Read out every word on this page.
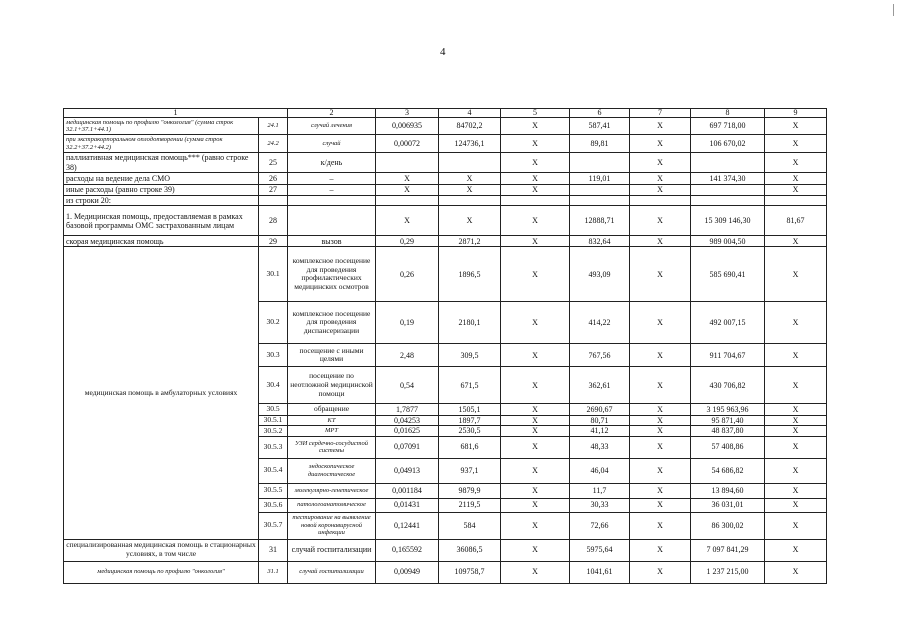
4
1		2	3	4	5	6	7	8	9
медицинская помощь по профилю "онкология" (сумма строк 32.1+37.1+44.1)	24.1	случай лечения	0,006935	84702,2	X	587,41	X	697 718,00	X
при экстракорпоральном оплодотворении (сумма строк 32.2+37.2+44.2)	24.2	случай	0,00072	124736,1	X	89,81	X	106 670,02	X
паллиативная медицинская помощь*** (равно строке 38)	25	к/день			X		X		X
расходы на ведение дела СМО	26	–	X	X	X	119,01	X	141 374,30	X
иные расходы (равно строке 39)	27	–	X	X	X		X		X
из строки 20:									
1. Медицинская помощь, предоставляемая в рамках базовой программы ОМС застрахованным лицам	28		X	X	X	12888,71	X	15 309 146,30	81,67
скорая медицинская помощь	29	вызов	0,29	2871,2	X	832,64	X	989 004,50	X
медицинская помощь в амбулаторных условиях	30.1	комплексное посещение для проведения профилактических медицинских осмотров	0,26	1896,5	X	493,09	X	585 690,41	X
	30.2	комплексное посещение для проведения диспансеризации	0,19	2180,1	X	414,22	X	492 007,15	X
	30.3	посещение с иными целями	2,48	309,5	X	767,56	X	911 704,67	X
	30.4	посещение по неотложной медицинской помощи	0,54	671,5	X	362,61	X	430 706,82	X
	30.5	обращение	1,7877	1505,1	X	2690,67	X	3 195 963,96	X
	30.5.1	КТ	0,04253	1897,7	X	80,71	X	95 871,40	X
	30.5.2	МРТ	0,01625	2530,5	X	41,12	X	48 837,80	X
	30.5.3	УЗИ сердечно-сосудистой системы	0,07091	681,6	X	48,33	X	57 408,86	X
	30.5.4	эндоскопическое диагностическое	0,04913	937,1	X	46,04	X	54 686,82	X
	30.5.5	молекулярно-генетическое	0,001184	9879,9	X	11,7	X	13 894,60	X
	30.5.6	патологоанатомическое	0,01431	2119,5	X	30,33	X	36 031,01	X
	30.5.7	тестирование на выявление новой коронавирусной инфекции	0,12441	584	X	72,66	X	86 300,02	X
специализированная медицинская помощь в стационарных условиях, в том числе	31	случай госпитализации	0,165592	36086,5	X	5975,64	X	7 097 841,29	X
медицинская помощь по профилю "онкология"	31.1	случай госпитализации	0,00949	109758,7	X	1041,61	X	1 237 215,00	X
